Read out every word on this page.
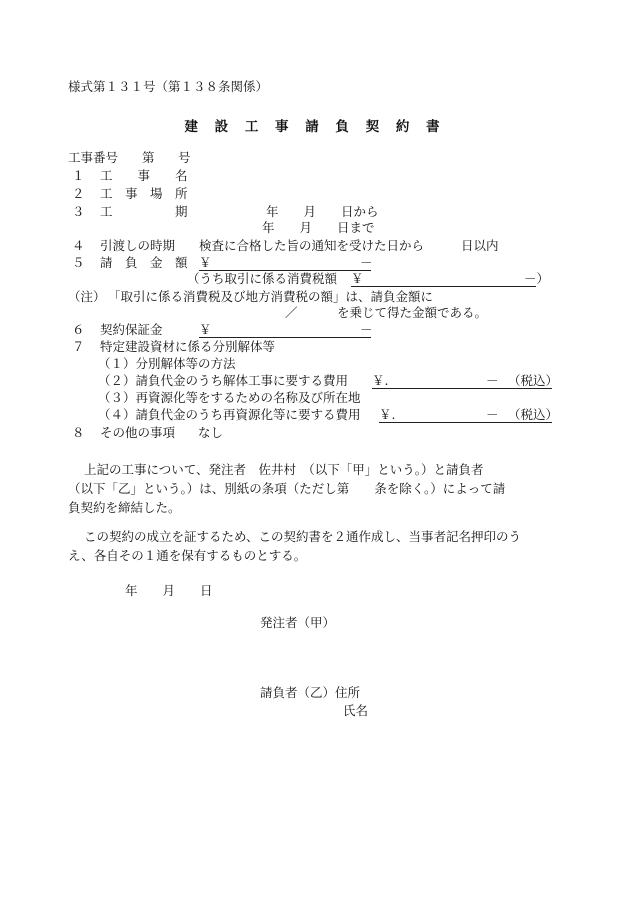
様式第１３１号（第１３８条関係）
建 設 工 事 請 負 契 約 書
工事番号 第 号
１ 工　　事　　名
２ 工　事　場　所
３ 工　　　　　期	年　　月　　日から
年　　月　　日まで
４ 引渡しの時期 検査に合格した旨の通知を受けた日から	日以内
５ 請　負　金　額 ￥	－
（うち取引に係る消費税額 ￥	－）
（注） 「取引に係る消費税及び地方消費税の額」は、請負金額に
／	を乗じて得た金額である。
６ 契約保証金	￥	－
７ 特定建設資材に係る分別解体等
（１）分別解体等の方法
（２）請負代金のうち解体工事に要する費用 ￥.	－ （税込）
（３）再資源化等をするための名称及び所在地
（４）請負代金のうち再資源化等に要する費用 ￥.	－ （税込）
８ その他の事項 なし
上記の工事について、発注者　佐井村　（以下「甲」という。）と請負者
（以下「乙」という。）は、別紙の条項（ただし第　　条を除く。）によって請
負契約を締結した。
この契約の成立を証するため、この契約書を２通作成し、当事者記名押印のう
え、各自その１通を保有するものとする。
年　　月　　日
発注者（甲）
請負者（乙）住所
氏名
